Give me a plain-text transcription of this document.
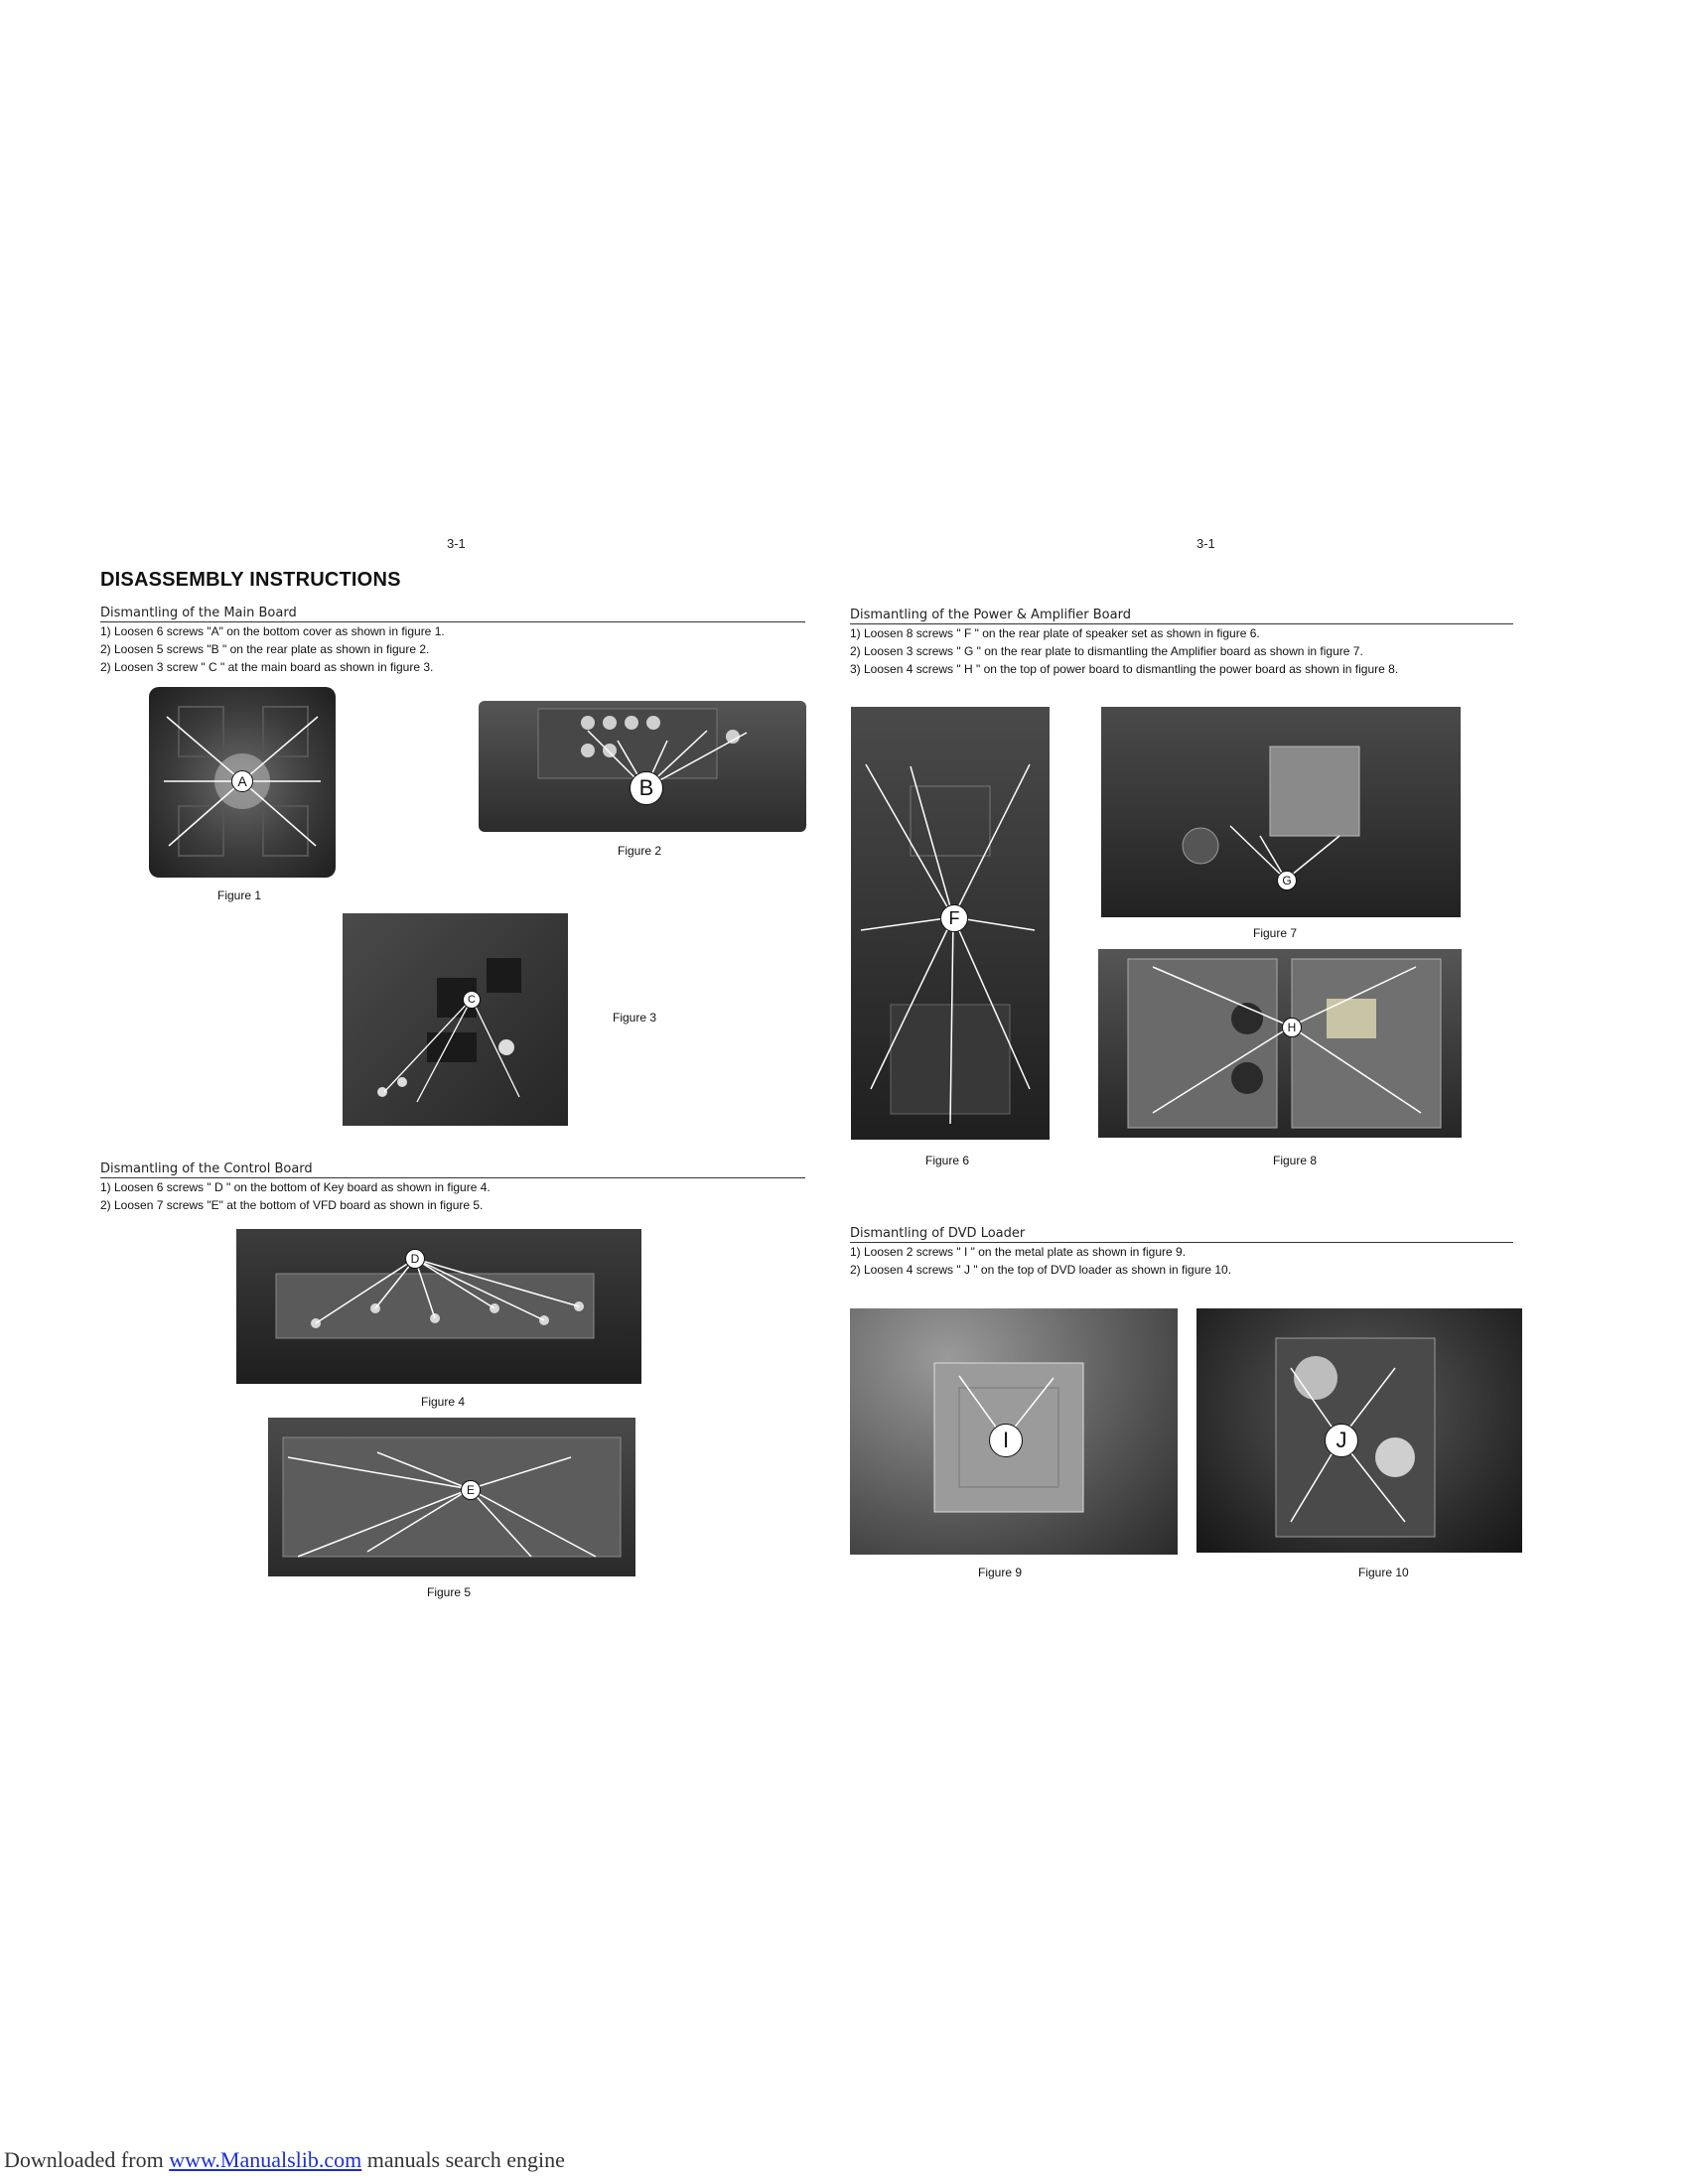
3-1	3-1
DISASSEMBLY INSTRUCTIONS
Dismantling of the Main Board
1) Loosen 6 screws "A" on the bottom cover as shown in figure 1.
2) Loosen 5 screws "B " on the rear plate as shown in figure 2.
2) Loosen 3 screw " C " at the main board as shown in figure 3.
A
Figure 1
B
Figure 2
C
Figure 3
Dismantling of the Control Board
1) Loosen 6 screws " D " on the bottom of Key board as shown in figure 4.
2) Loosen 7 screws "E" at the bottom of VFD board as shown in figure 5.
D
Figure 4
E
Figure 5
Dismantling of the Power & Amplifier Board
1) Loosen 8 screws " F " on the rear plate of speaker set as shown in figure 6.
2) Loosen 3 screws " G " on the rear plate to dismantling the Amplifier board as shown in figure 7.
3) Loosen 4 screws " H " on the top of power board to dismantling the power board as shown in figure 8.
F
Figure 6
G
Figure 7
H
Figure 8
Dismantling of DVD Loader
1) Loosen 2 screws " I " on the metal plate as shown in figure 9.
2) Loosen 4 screws " J " on the top of DVD loader as shown in figure 10.
I
Figure 9
J
Figure 10
Downloaded from www.Manualslib.com manuals search engine
